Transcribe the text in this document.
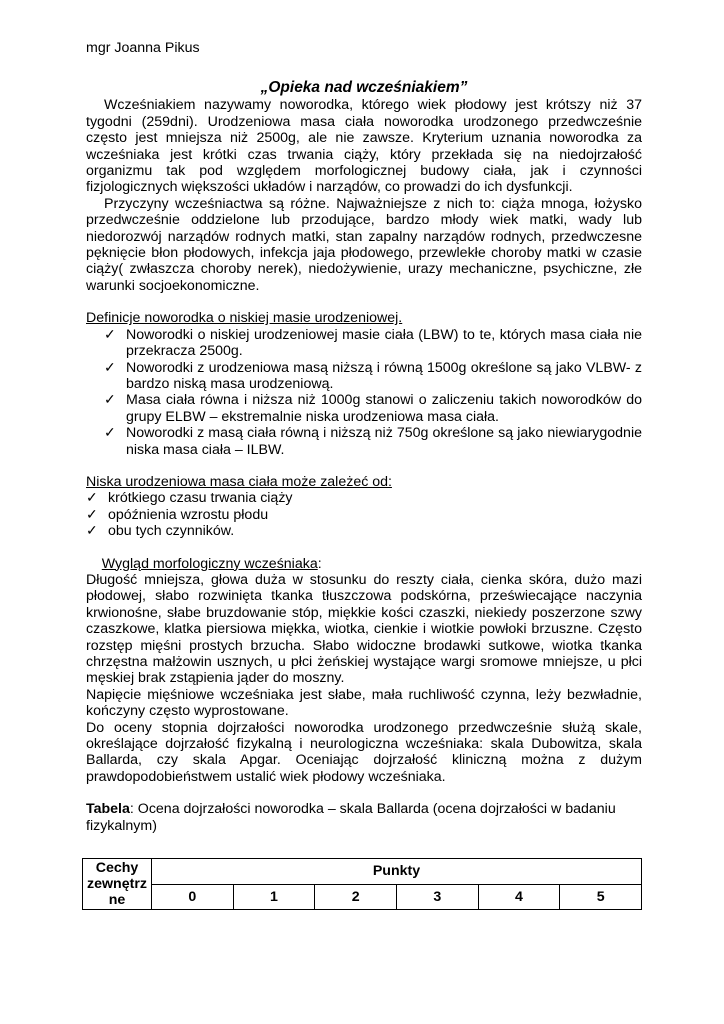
mgr Joanna Pikus
„Opieka nad wcześniakiem”

Wcześniakiem nazywamy noworodka, którego wiek płodowy jest krótszy niż 37 tygodni (259dni). Urodzeniowa masa ciała noworodka urodzonego przedwcześnie często jest mniejsza niż 2500g, ale nie zawsze. Kryterium uznania noworodka za wcześniaka jest krótki czas trwania ciąży, który przekłada się na niedojrzałość organizmu tak pod względem morfologicznej budowy ciała, jak i czynności fizjologicznych większości układów i narządów, co prowadzi do ich dysfunkcji.

Przyczyny wcześniactwa są różne. Najważniejsze z nich to: ciąża mnoga, łożysko przedwcześnie oddzielone lub przodujące, bardzo młody wiek matki, wady lub niedorozwój narządów rodnych matki, stan zapalny narządów rodnych, przedwczesne pęknięcie błon płodowych, infekcja jaja płodowego, przewlekłe choroby matki w czasie ciąży( zwłaszcza choroby nerek), niedożywienie, urazy mechaniczne, psychiczne, złe warunki socjoekonomiczne.

Definicje noworodka o niskiej masie urodzeniowej.

✓ Noworodki o niskiej urodzeniowej masie ciała (LBW) to te, których masa ciała nie przekracza 2500g.
✓ Noworodki z urodzeniowa masą niższą i równą 1500g określone są jako VLBW- z bardzo niską masa urodzeniową.
✓ Masa ciała równa i niższa niż 1000g stanowi o zaliczeniu takich noworodków do grupy ELBW – ekstremalnie niska urodzeniowa masa ciała.
✓ Noworodki z masą ciała równą i niższą niż 750g określone są jako niewiarygodnie niska masa ciała – ILBW.

Niska urodzeniowa masa ciała może zależeć od:

✓ krótkiego czasu trwania ciąży
✓ opóźnienia wzrostu płodu
✓ obu tych czynników.

Wygląd morfologiczny wcześniaka:

Długość mniejsza, głowa duża w stosunku do reszty ciała, cienka skóra, dużo mazi płodowej, słabo rozwinięta tkanka tłuszczowa podskórna, przeświecające naczynia krwionośne, słabe bruzdowanie stóp, miękkie kości czaszki, niekiedy poszerzone szwy czaszkowe, klatka piersiowa miękka, wiotka, cienkie i wiotkie powłoki brzuszne. Często rozstęp mięśni prostych brzucha. Słabo widoczne brodawki sutkowe, wiotka tkanka chrzęstna małżowin usznych, u płci żeńskiej wystające wargi sromowe mniejsze, u płci męskiej brak zstąpienia jąder do moszny.

Napięcie mięśniowe wcześniaka jest słabe, mała ruchliwość czynna, leży bezwładnie, kończyny często wyprostowane.

Do oceny stopnia dojrzałości noworodka urodzonego przedwcześnie służą skale, określające dojrzałość fizykalną i neurologiczna wcześniaka: skala Dubowitza, skala Ballarda, czy skala Apgar. Oceniając dojrzałość kliniczną można z dużym prawdopodobieństwem ustalić wiek płodowy wcześniaka.

Tabela: Ocena dojrzałości noworodka – skala Ballarda (ocena dojrzałości w badaniu fizykalnym)

Cechy zewnętrz ne	Punkty					
	0	1	2	3	4	5
